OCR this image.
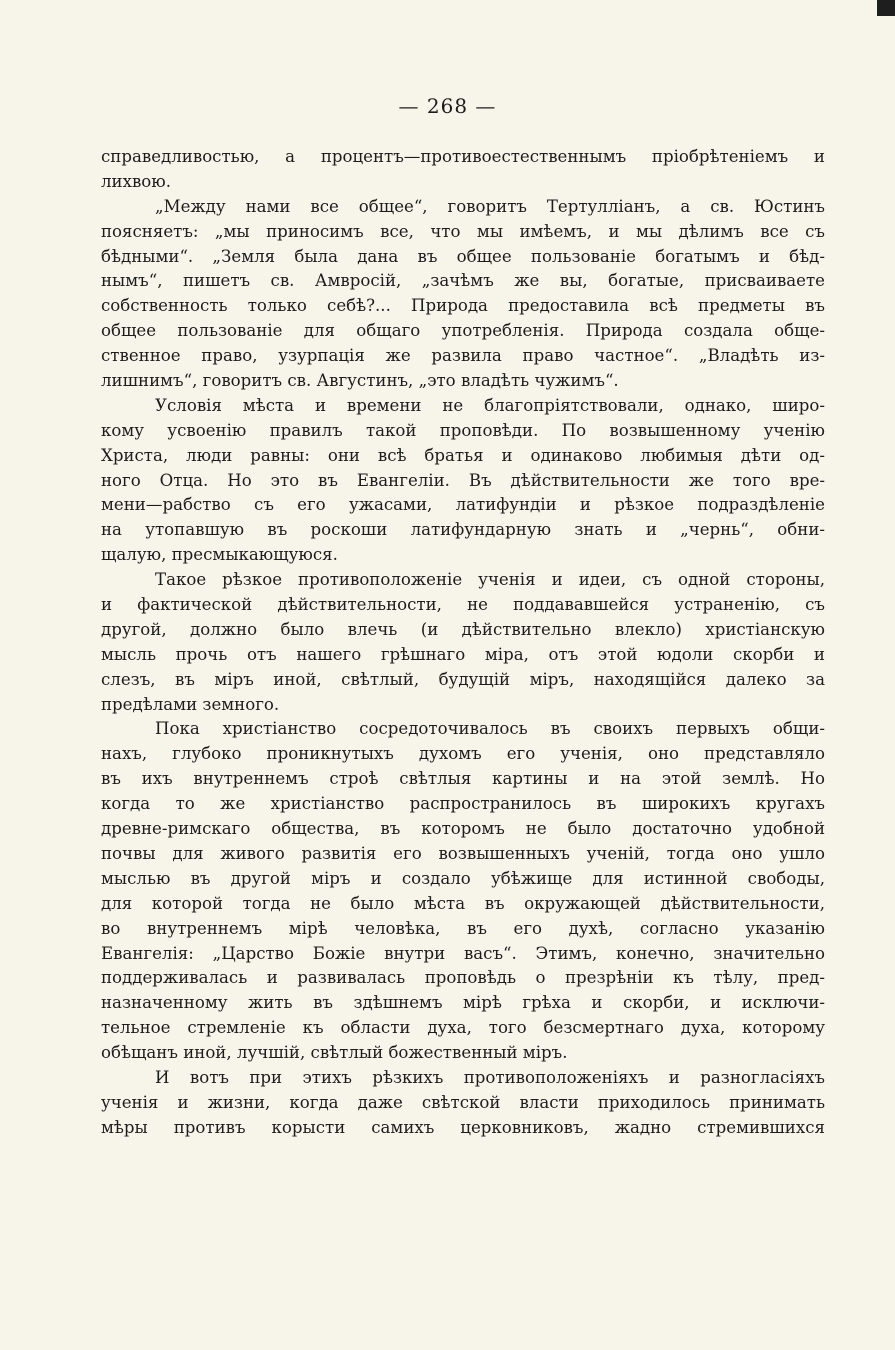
— 268 —
справедливостью, а процентъ—противоестественнымъ пріобрѣтеніемъ и
лихвою.
„Между нами все общее“, говоритъ Тертулліанъ, а св. Юстинъ
поясняетъ: „мы приносимъ все, что мы имѣемъ, и мы дѣлимъ все съ
бѣдными“. „Земля была дана въ общее пользованіе богатымъ и бѣд-
нымъ“, пишетъ св. Амвросій, „зачѣмъ же вы, богатые, присваиваете
собственность только себѣ?... Природа предоставила всѣ предметы въ
общее пользованіе для общаго употребленія. Природа создала обще-
ственное право, узурпація же развила право частное“. „Владѣть из-
лишнимъ“, говоритъ св. Августинъ, „это владѣть чужимъ“.
Условія мѣста и времени не благопріятствовали, однако, широ-
кому усвоенію правилъ такой проповѣди. По возвышенному ученію
Христа, люди равны: они всѣ братья и одинаково любимыя дѣти од-
ного Отца. Но это въ Евангеліи. Въ дѣйствительности же того вре-
мени—рабство съ его ужасами, латифундіи и рѣзкое подраздѣленіе
на утопавшую въ роскоши латифундарную знать и „чернь“, обни-
щалую, пресмыкающуюся.
Такое рѣзкое противоположеніе ученія и идеи, съ одной стороны,
и фактической дѣйствительности, не поддававшейся устраненію, съ
другой, должно было влечь (и дѣйствительно влекло) христіанскую
мысль прочь отъ нашего грѣшнаго міра, отъ этой юдоли скорби и
слезъ, въ міръ иной, свѣтлый, будущій міръ, находящійся далеко за
предѣлами земного.
Пока христіанство сосредоточивалось въ своихъ первыхъ общи-
нахъ, глубоко проникнутыхъ духомъ его ученія, оно представляло
въ ихъ внутреннемъ строѣ свѣтлыя картины и на этой землѣ. Но
когда то же христіанство распространилось въ широкихъ кругахъ
древне-римскаго общества, въ которомъ не было достаточно удобной
почвы для живого развитія его возвышенныхъ ученій, тогда оно ушло
мыслью въ другой міръ и создало убѣжище для истинной свободы,
для которой тогда не было мѣста въ окружающей дѣйствительности,
во внутреннемъ мірѣ человѣка, въ его духѣ, согласно указанію
Евангелія: „Царство Божіе внутри васъ“. Этимъ, конечно, значительно
поддерживалась и развивалась проповѣдь о презрѣніи къ тѣлу, пред-
назначенному жить въ здѣшнемъ мірѣ грѣха и скорби, и исключи-
тельное стремленіе къ области духа, того безсмертнаго духа, которому
обѣщанъ иной, лучшій, свѣтлый божественный міръ.
И вотъ при этихъ рѣзкихъ противоположеніяхъ и разногласіяхъ
ученія и жизни, когда даже свѣтской власти приходилось принимать
мѣры противъ корысти самихъ церковниковъ, жадно стремившихся
